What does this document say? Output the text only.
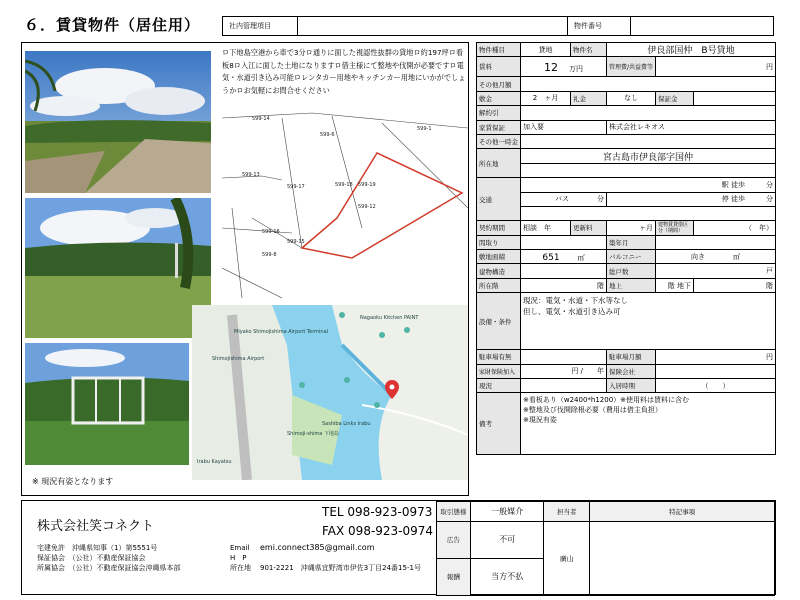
６．賃貸物件（居住用）	社内管理項目	物件番号
ロ下地島空港から車で3分ロ通りに面した視認性抜群の貸地ロ約197坪ロ看板8ロ入江に面した土地になりますロ借主様にて整地や伐開が必要ですロ電気・水道引き込み可能ロレンタカー用地やキッチンカー用地にいかがでしょうかロお気軽にお問合せください
599-14
599-6
599-1
599-13
599-17	599-18 599-19
599-12
599-15
599-8
599-16
Nagaoku Kitchen PAINT
Miyako Shimojishima Airport Terminal
Shimojishima Airport
Sashiba Links Irabu
Shimoji-shima 下地島
Irabu Kayatsu
※ 現況有姿となります
物件種目	貸地	物件名	伊良部国仲　B号貸地		
賃料	12　 万円		管理費/共益費等	円	
その他月額					
敷金	2　 ヶ月	礼金	なし	保証金	
解約引					
家賃保証	加入要		株式会社レキオス		
その他一時金					
所在地	宮古島市伊良部字国仲				

交通	駅 徒歩　　　 分				
	バス　　　　 分		停 徒歩　　　 分		

契約期間	相談　 年	更新料	ヶ月	建物賃貸借区分（期間）	（　年）
間取り			築年月		
敷地面積	651　　 ㎡		バルコニー	向き　　　　 ㎡	
建物構造			総戸数	戸	
所在階	階		地上	階 地下	階
設備・条件	現況：電気・水道・下水等なし
但し、電気・水道引き込み可				

駐車場有無			駐車場月額	円	
家財保険加入	円 /　　年		保険会社		
現況			入居時期	（　　）	
備考	※看板あり（w2400*h1200）※使用料は賃料に含む
※整地及び伐開除根必要（費用は借主負担）
※現況有姿				
株式会社笑コネクト
TEL 098-923-0973
FAX 098-923-0974
宅建免許　沖縄県知事（1）第5551号
保証協会　（公社）不動産保証協会
所属協会　（公社）不動産保証協会沖縄県本部
Email emi.connect385@gmail.com
H　P
所在地 901-2221　沖縄県宜野湾市伊佐3丁目24番15-1号
取引態様	一般媒介	担当者	特記事項
広告	不可	廣山	
報酬	当方不払		
